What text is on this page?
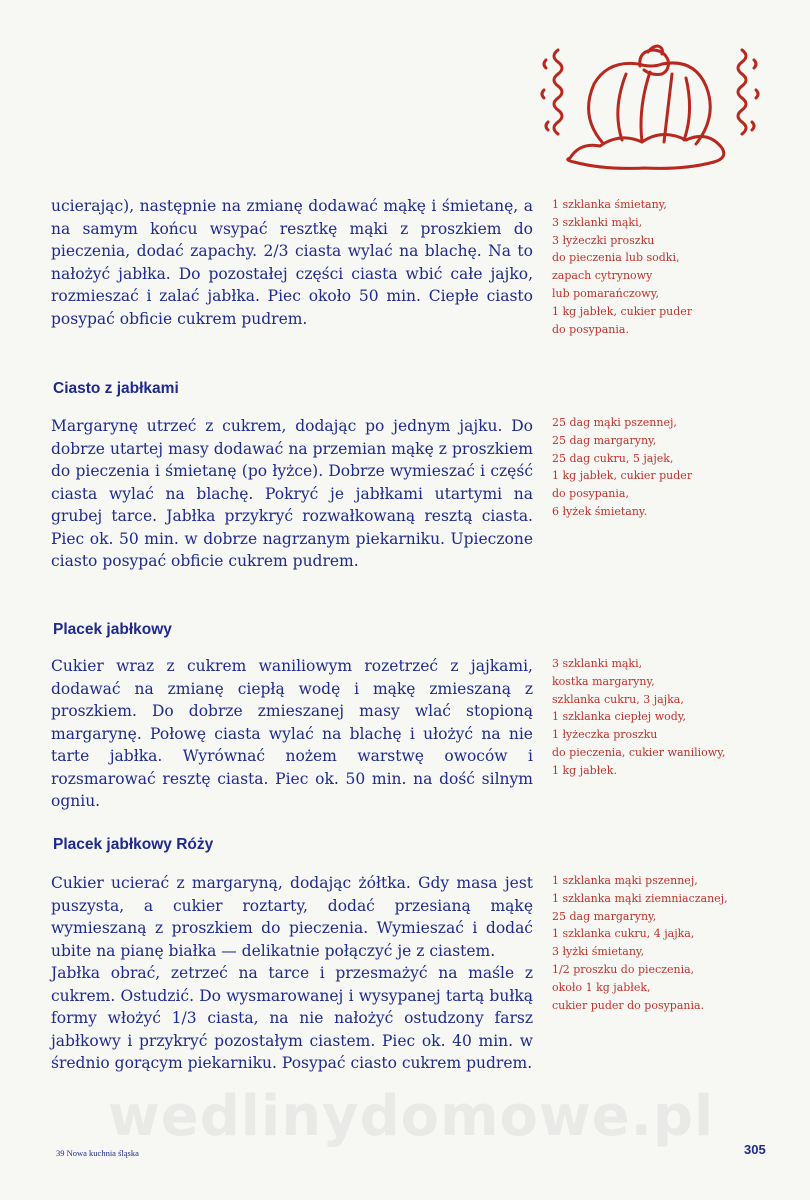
ucierając), następnie na zmianę dodawać mąkę i śmietanę, a na samym końcu wsypać resztkę mąki z proszkiem do pieczenia, dodać zapachy. 2/3 ciasta wylać na blachę. Na to nałożyć jabłka. Do pozostałej części ciasta wbić całe jajko, rozmieszać i zalać jabłka. Piec około 50 min. Ciepłe ciasto posypać obficie cukrem pudrem.

1 szklanka śmietany,
3 szklanki mąki,
3 łyżeczki proszku
do pieczenia lub sodki,
zapach cytrynowy
lub pomarańczowy,
1 kg jabłek, cukier puder
do posypania.
Ciasto z jabłkami

Margarynę utrzeć z cukrem, dodając po jednym jajku. Do dobrze utartej masy dodawać na przemian mąkę z proszkiem do pieczenia i śmietanę (po łyżce). Dobrze wymieszać i część ciasta wylać na blachę. Pokryć je jabłkami utartymi na grubej tarce. Jabłka przykryć rozwałkowaną resztą ciasta. Piec ok. 50 min. w dobrze nagrzanym piekarniku. Upieczone ciasto posypać obficie cukrem pudrem.

25 dag mąki pszennej,
25 dag margaryny,
25 dag cukru, 5 jajek,
1 kg jabłek, cukier puder
do posypania,
6 łyżek śmietany.
Placek jabłkowy

Cukier wraz z cukrem waniliowym rozetrzeć z jajkami, dodawać na zmianę ciepłą wodę i mąkę zmieszaną z proszkiem. Do dobrze zmieszanej masy wlać stopioną margarynę. Połowę ciasta wylać na blachę i ułożyć na nie tarte jabłka. Wyrównać nożem warstwę owoców i rozsmarować resztę ciasta. Piec ok. 50 min. na dość silnym ogniu.

3 szklanki mąki,
kostka margaryny,
szklanka cukru, 3 jajka,
1 szklanka ciepłej wody,
1 łyżeczka proszku
do pieczenia, cukier waniliowy,
1 kg jabłek.
Placek jabłkowy Róży

Cukier ucierać z margaryną, dodając żółtka. Gdy masa jest puszysta, a cukier roztarty, dodać przesianą mąkę wymieszaną z proszkiem do pieczenia. Wymieszać i dodać ubite na pianę białka — delikatnie połączyć je z ciastem.

Jabłka obrać, zetrzeć na tarce i przesmażyć na maśle z cukrem. Ostudzić. Do wysmarowanej i wysypanej tartą bułką formy włożyć 1/3 ciasta, na nie nałożyć ostudzony farsz jabłkowy i przykryć pozostałym ciastem. Piec ok. 40 min. w średnio gorącym piekarniku. Posypać ciasto cukrem pudrem.

1 szklanka mąki pszennej,
1 szklanka mąki ziemniaczanej,
25 dag margaryny,
1 szklanka cukru, 4 jajka,
3 łyżki śmietany,
1/2 proszku do pieczenia,
około 1 kg jabłek,
cukier puder do posypania.
wedlinydomowe.pl
39 Nowa kuchnia śląska	305
